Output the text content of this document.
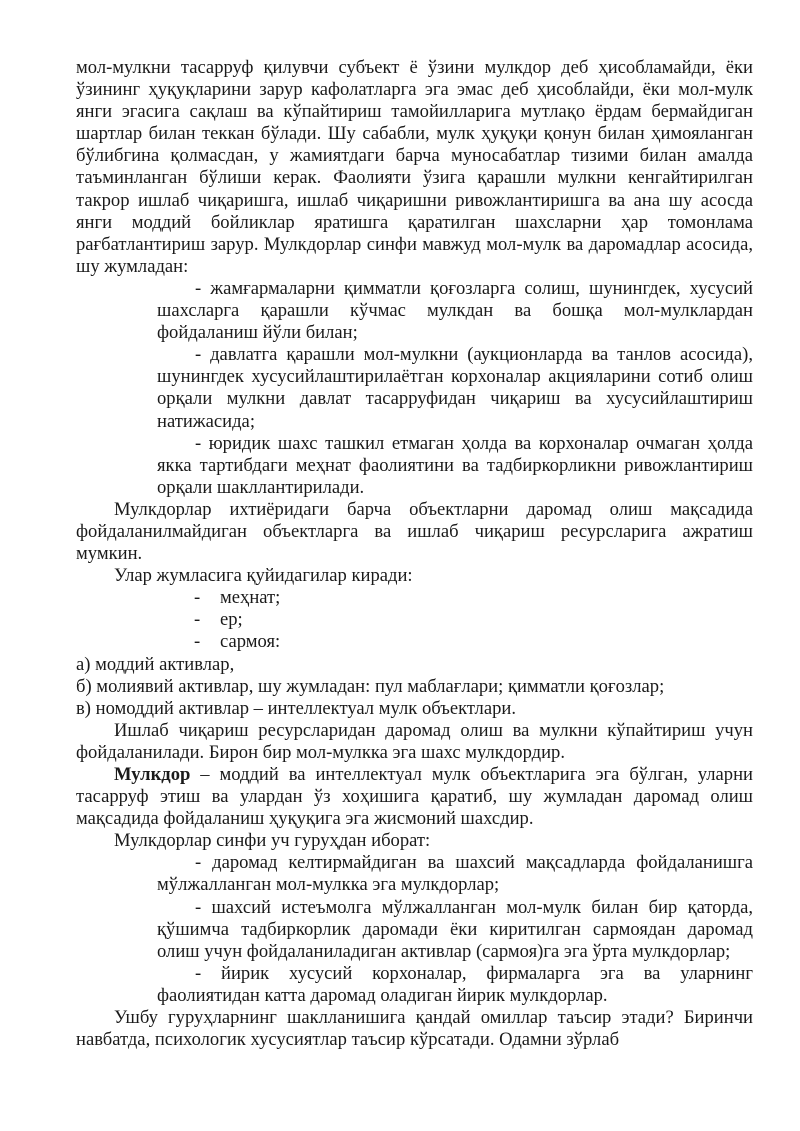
мол-мулкни тасарруф қилувчи субъект ё ўзини мулкдор деб ҳисобламайди, ёки ўзининг ҳуқуқларини зарур кафолатларга эга эмас деб ҳисоблайди, ёки мол-мулк янги эгасига сақлаш ва кўпайтириш тамойилларига мутлақо ёрдам бермайдиган шартлар билан теккан бўлади. Шу сабабли, мулк ҳуқуқи қонун билан ҳимояланган бўлибгина қолмасдан, у жамиятдаги барча муносабатлар тизими билан амалда таъминланган бўлиши керак. Фаолияти ўзига қарашли мулкни кенгайтирилган такрор ишлаб чиқаришга, ишлаб чиқаришни ривожлантиришга ва ана шу асосда янги моддий бойликлар яратишга қаратилган шахсларни ҳар томонлама рағбатлантириш зарур. Мулкдорлар синфи мавжуд мол-мулк ва даромадлар асосида, шу жумладан:

- жамғармаларни қимматли қоғозларга солиш, шунингдек, хусусий шахсларга қарашли кўчмас мулкдан ва бошқа мол-мулклардан фойдаланиш йўли билан;

- давлатга қарашли мол-мулкни (аукционларда ва танлов асосида), шунингдек хусусийлаштирилаётган корхоналар акцияларини сотиб олиш орқали мулкни давлат тасарруфидан чиқариш ва хусусийлаштириш натижасида;

- юридик шахс ташкил етмаган ҳолда ва корхоналар очмаган ҳолда якка тартибдаги меҳнат фаолиятини ва тадбиркорликни ривожлантириш орқали шакллантирилади.

Мулкдорлар ихтиёридаги барча объектларни даромад олиш мақсадида фойдаланилмайдиган объектларга ва ишлаб чиқариш ресурсларига ажратиш мумкин.

Улар жумласига қуйидагилар киради:

- меҳнат;

- ер;

- сармоя:

а) моддий активлар,

б) молиявий активлар, шу жумладан: пул маблағлари; қимматли қоғозлар;

в) номоддий активлар – интеллектуал мулк объектлари.

Ишлаб чиқариш ресурсларидан даромад олиш ва мулкни кўпайтириш учун фойдаланилади. Бирон бир мол-мулкка эга шахс мулкдордир.

Мулкдор – моддий ва интеллектуал мулк объектларига эга бўлган, уларни тасарруф этиш ва улардан ўз хоҳишига қаратиб, шу жумладан даромад олиш мақсадида фойдаланиш ҳуқуқига эга жисмоний шахсдир.

Мулкдорлар синфи уч гуруҳдан иборат:

- даромад келтирмайдиган ва шахсий мақсадларда фойдаланишга мўлжалланган мол-мулкка эга мулкдорлар;

- шахсий истеъмолга мўлжалланган мол-мулк билан бир қаторда, қўшимча тадбиркорлик даромади ёки киритилган сармоядан даромад олиш учун фойдаланиладиган активлар (сармоя)га эга ўрта мулкдорлар;

- йирик хусусий корхоналар, фирмаларга эга ва уларнинг фаолиятидан катта даромад оладиган йирик мулкдорлар.

Ушбу гуруҳларнинг шаклланишига қандай омиллар таъсир этади? Биринчи навбатда, психологик хусусиятлар таъсир кўрсатади. Одамни зўрлаб
